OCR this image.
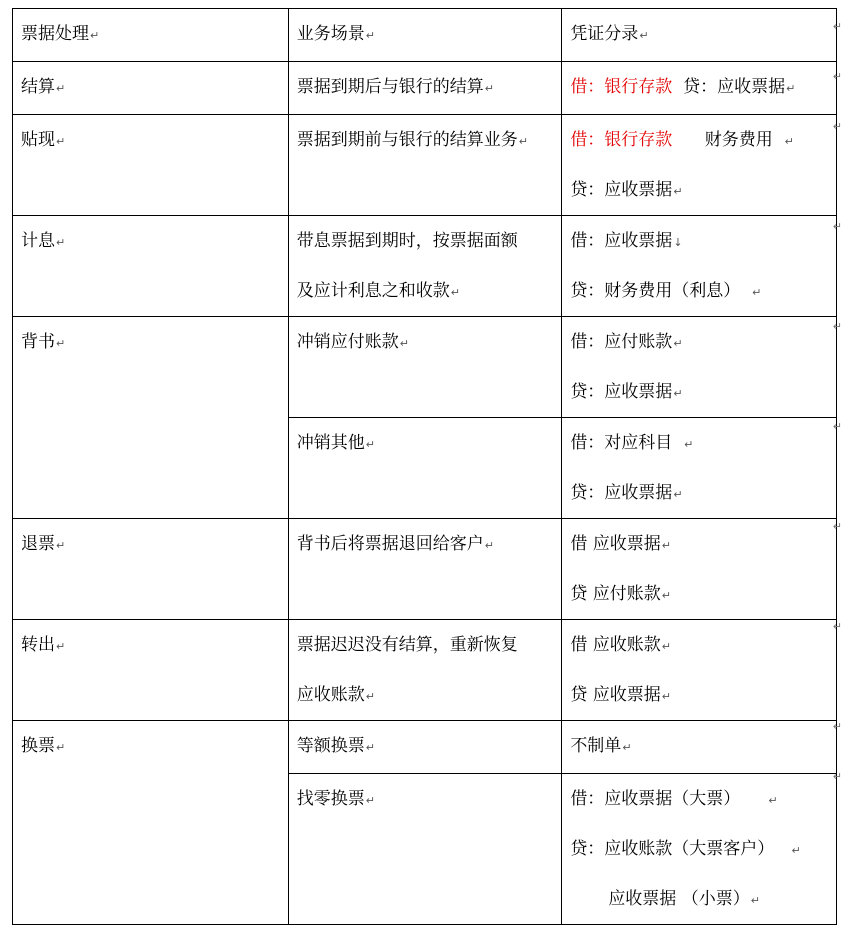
票据处理↵	业务场景↵	凭证分录↵
结算↵	票据到期后与银行的结算↵	借：银行存款 贷：应收票据↵
贴现↵	票据到期前与银行的结算业务↵	借：银行存款 财务费用 ↵
贷：应收票据↵

计息↵	带息票据到期时，按票据面额
及应计利息之和收款↵	借：应收票据↓
贷：财务费用（利息） ↵

背书↵	冲销应付账款↵	借：应付账款↵
贷：应收票据↵

	冲销其他↵	借：对应科目 ↵
贷：应收票据↵

退票↵	背书后将票据退回给客户↵	借 应收票据↵
贷 应付账款↵

转出↵	票据迟迟没有结算，重新恢复
应收账款↵	借 应收账款↵
贷 应收票据↵

换票↵	等额换票↵	不制单↵
	找零换票↵	借：应收票据（大票） ↵
贷：应收账款（大票客户） ↵
应收票据 （小票）↵
↵
↵
↵
↵
↵
↵
↵
↵
↵
↵
